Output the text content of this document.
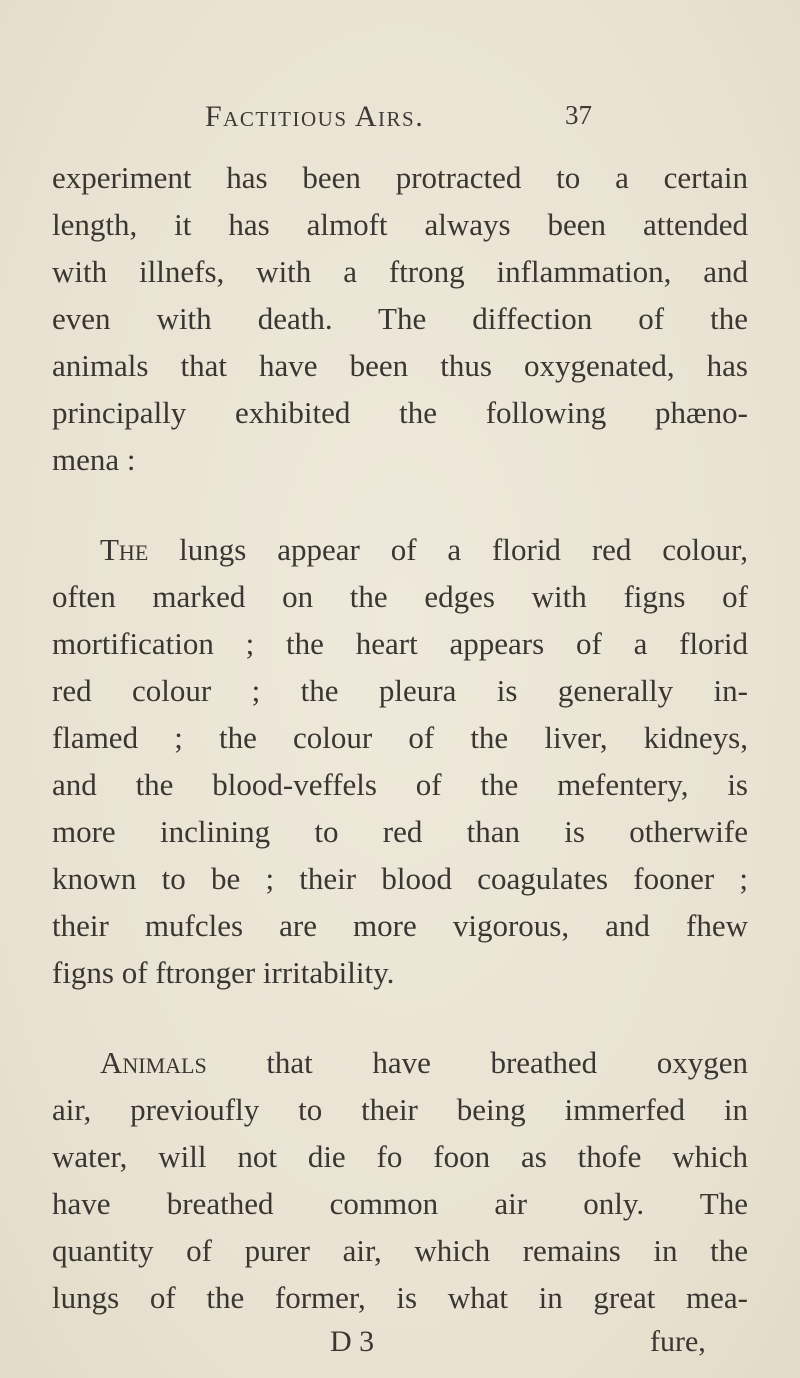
Factitious Airs.	37
experiment has been protracted to a certain
length, it has almoft always been attended
with illnefs, with a ftrong inflammation, and
even with death. The diffection of the
animals that have been thus oxygenated, has
principally exhibited the following phæno-
mena :
The lungs appear of a florid red colour,
often marked on the edges with figns of
mortification ; the heart appears of a florid
red colour ; the pleura is generally in-
flamed ; the colour of the liver, kidneys,
and the blood-veffels of the mefentery, is
more inclining to red than is otherwife
known to be ; their blood coagulates fooner ;
their mufcles are more vigorous, and fhew
figns of ftronger irritability.
Animals that have breathed oxygen
air, previoufly to their being immerfed in
water, will not die fo foon as thofe which
have breathed common air only. The
quantity of purer air, which remains in the
lungs of the former, is what in great mea-
D 3	fure,
